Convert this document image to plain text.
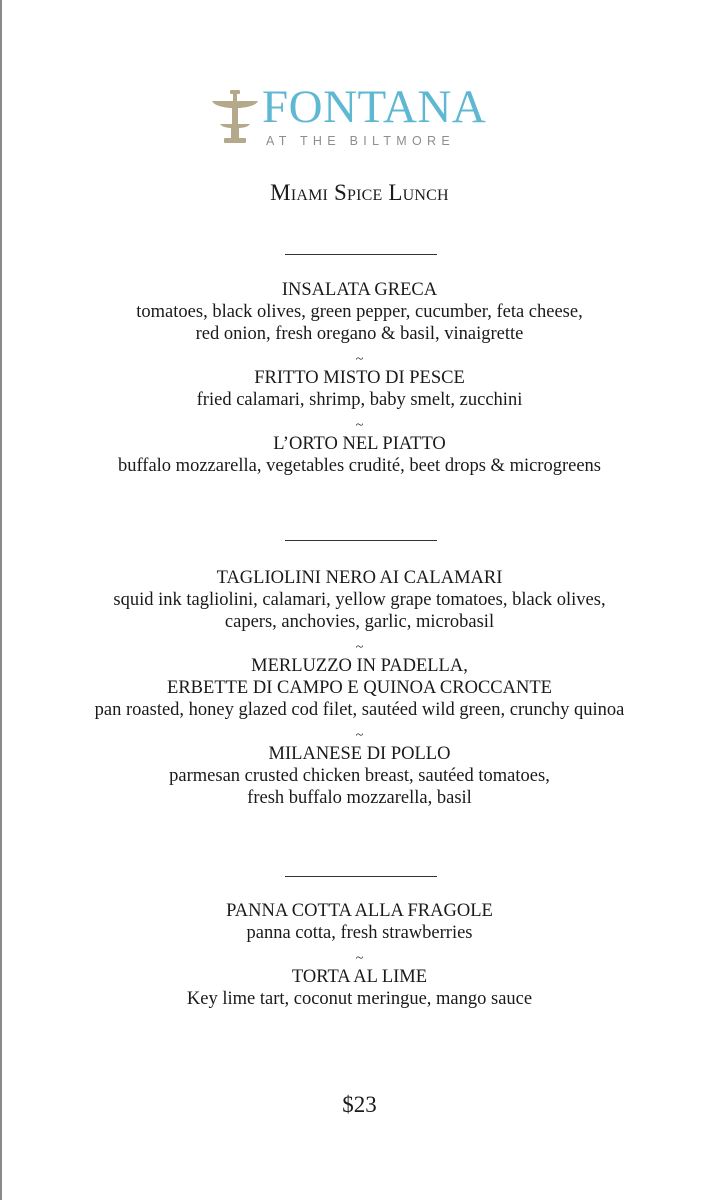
FONTANA
AT THE BILTMORE
Miami Spice Lunch
INSALATA GRECA
tomatoes, black olives, green pepper, cucumber, feta cheese,
red onion, fresh oregano & basil, vinaigrette
~
FRITTO MISTO DI PESCE
fried calamari, shrimp, baby smelt, zucchini
~
L’ORTO NEL PIATTO
buffalo mozzarella, vegetables crudité, beet drops & microgreens
TAGLIOLINI NERO AI CALAMARI
squid ink tagliolini, calamari, yellow grape tomatoes, black olives,
capers, anchovies, garlic, microbasil
~
MERLUZZO IN PADELLA,
ERBETTE DI CAMPO E QUINOA CROCCANTE
pan roasted, honey glazed cod filet, sautéed wild green, crunchy quinoa
~
MILANESE DI POLLO
parmesan crusted chicken breast, sautéed tomatoes,
fresh buffalo mozzarella, basil
PANNA COTTA ALLA FRAGOLE
panna cotta, fresh strawberries
~
TORTA AL LIME
Key lime tart, coconut meringue, mango sauce
$23
